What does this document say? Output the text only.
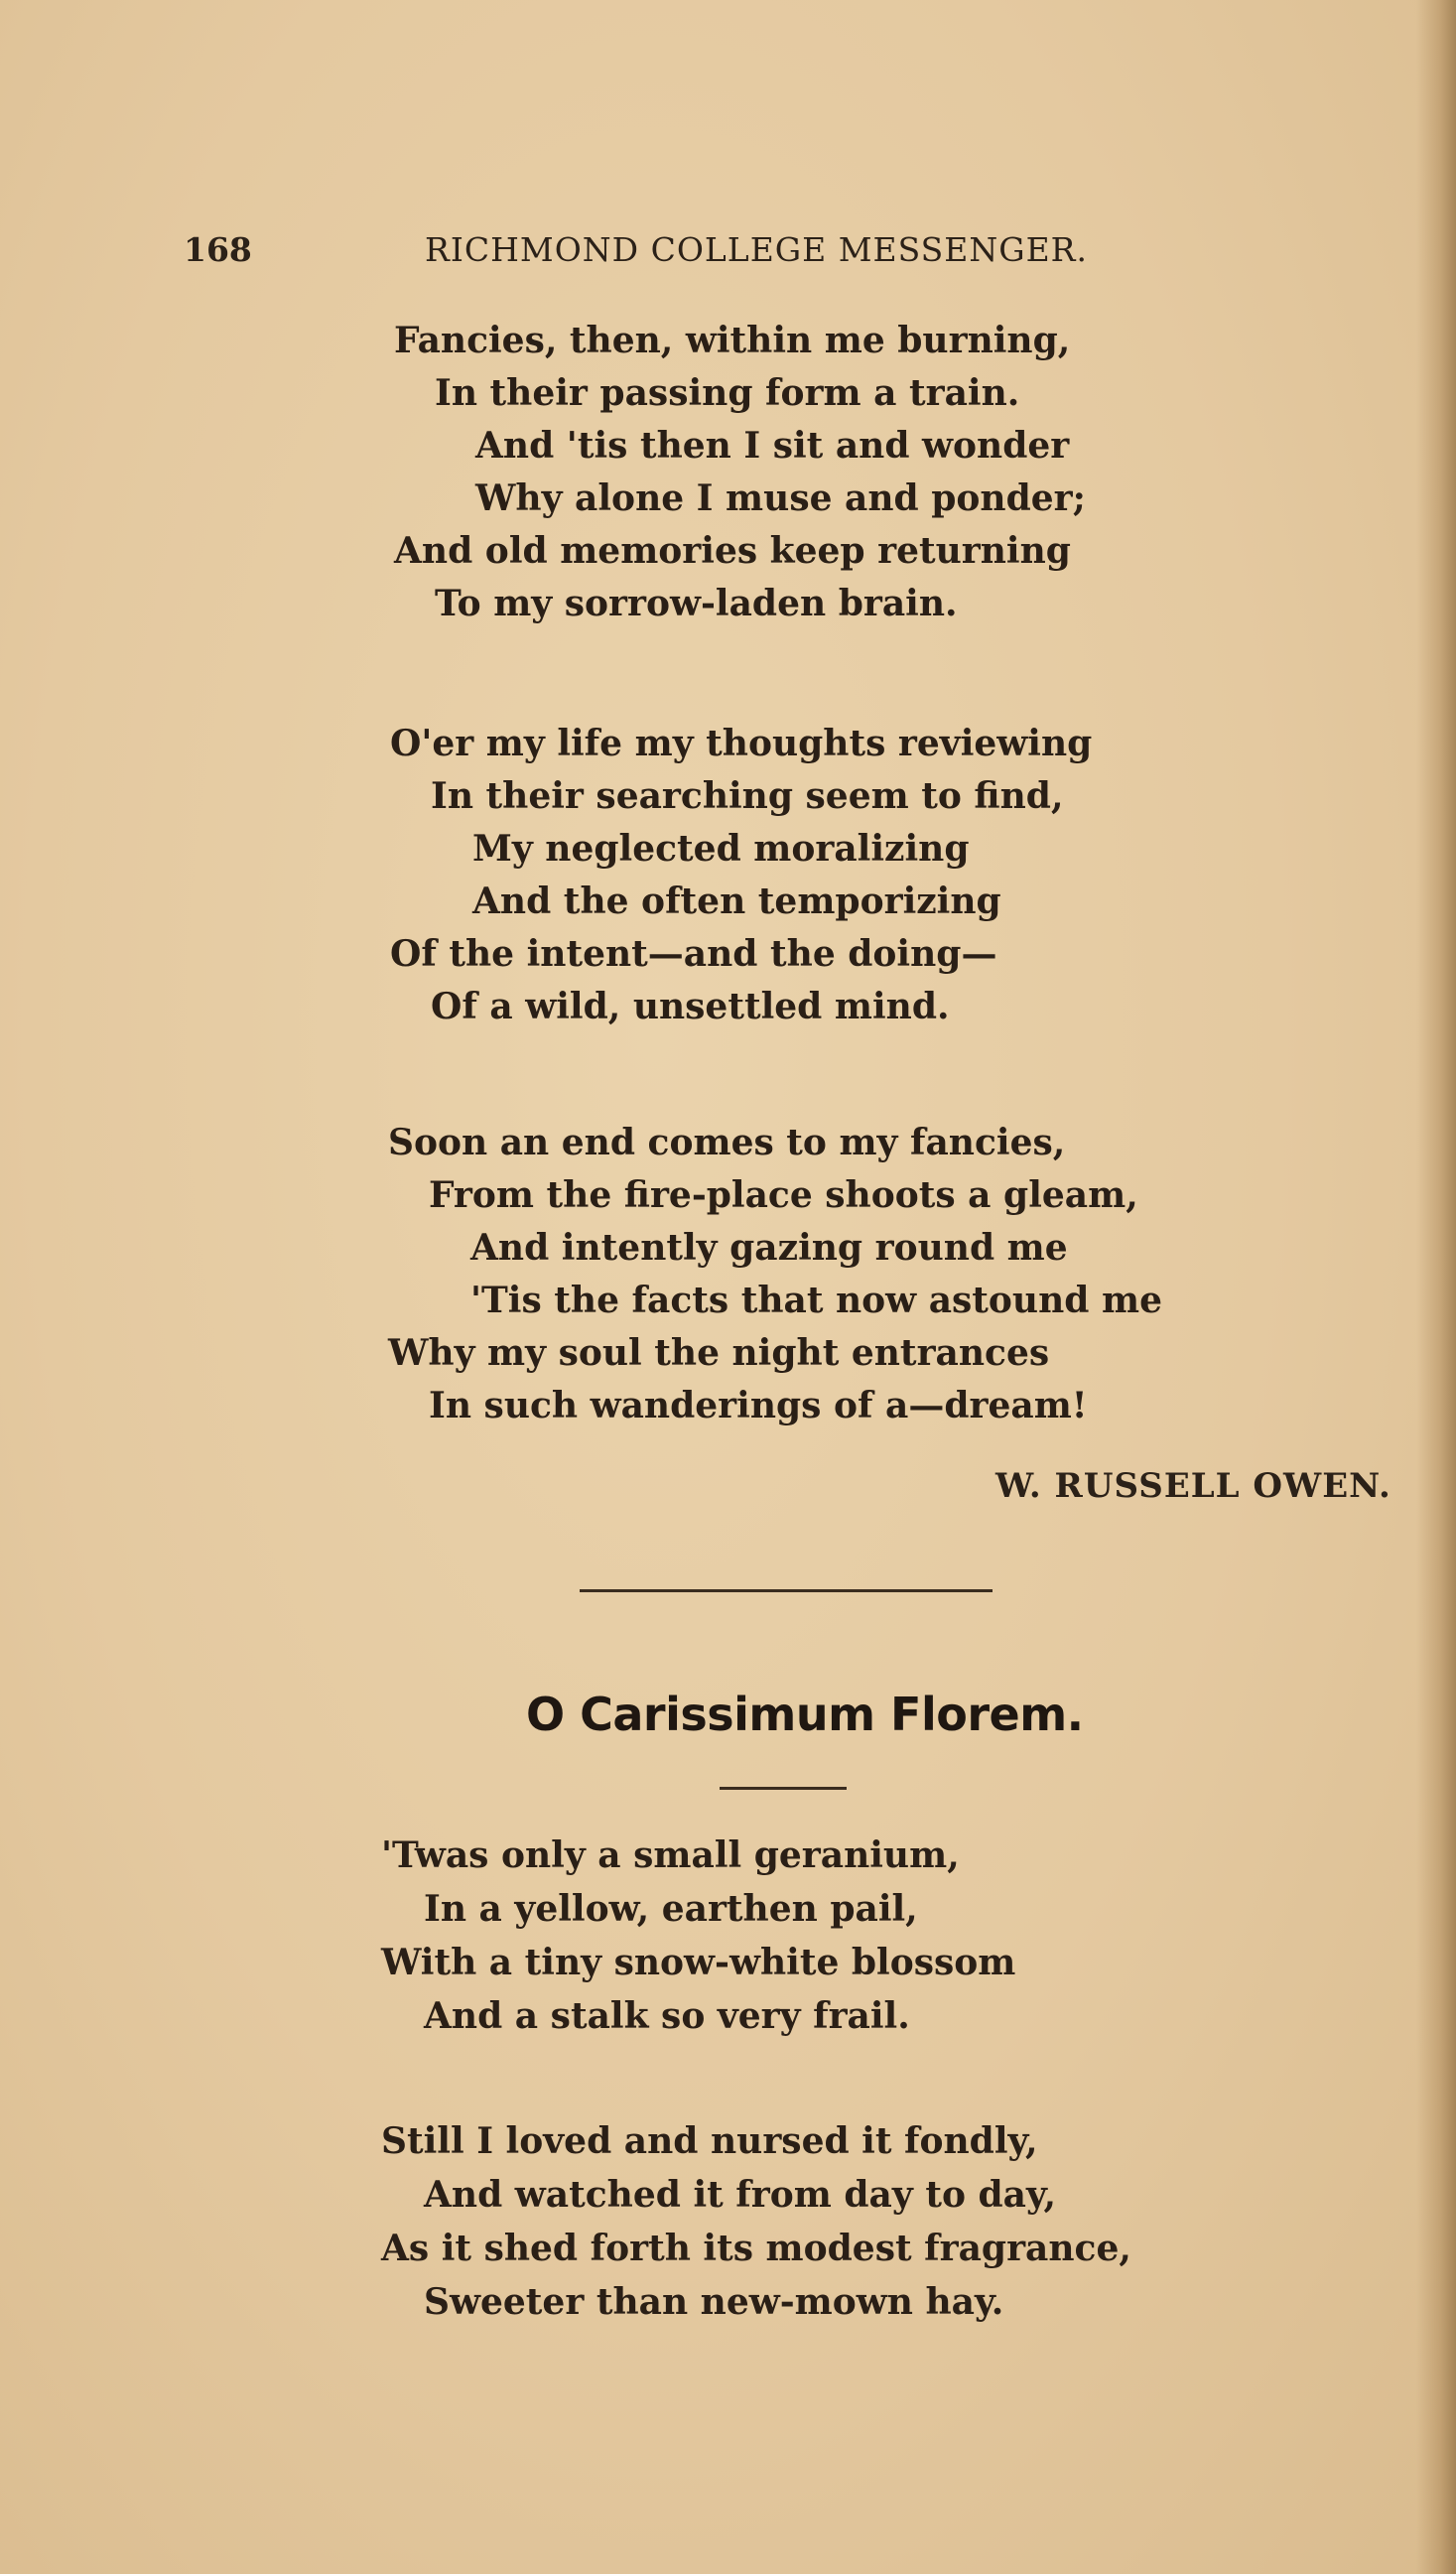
168	RICHMOND COLLEGE MESSENGER.
Fancies, then, within me burning,
In their passing form a train.
And 'tis then I sit and wonder
Why alone I muse and ponder;
And old memories keep returning
To my sorrow-laden brain.
O'er my life my thoughts reviewing
In their searching seem to find,
My neglected moralizing
And the often temporizing
Of the intent—and the doing—
Of a wild, unsettled mind.
Soon an end comes to my fancies,
From the fire-place shoots a gleam,
And intently gazing round me
'Tis the facts that now astound me
Why my soul the night entrances
In such wanderings of a—dream!
W. RUSSELL OWEN.
O Carissimum Florem.
'Twas only a small geranium,
In a yellow, earthen pail,
With a tiny snow-white blossom
And a stalk so very frail.
Still I loved and nursed it fondly,
And watched it from day to day,
As it shed forth its modest fragrance,
Sweeter than new-mown hay.
